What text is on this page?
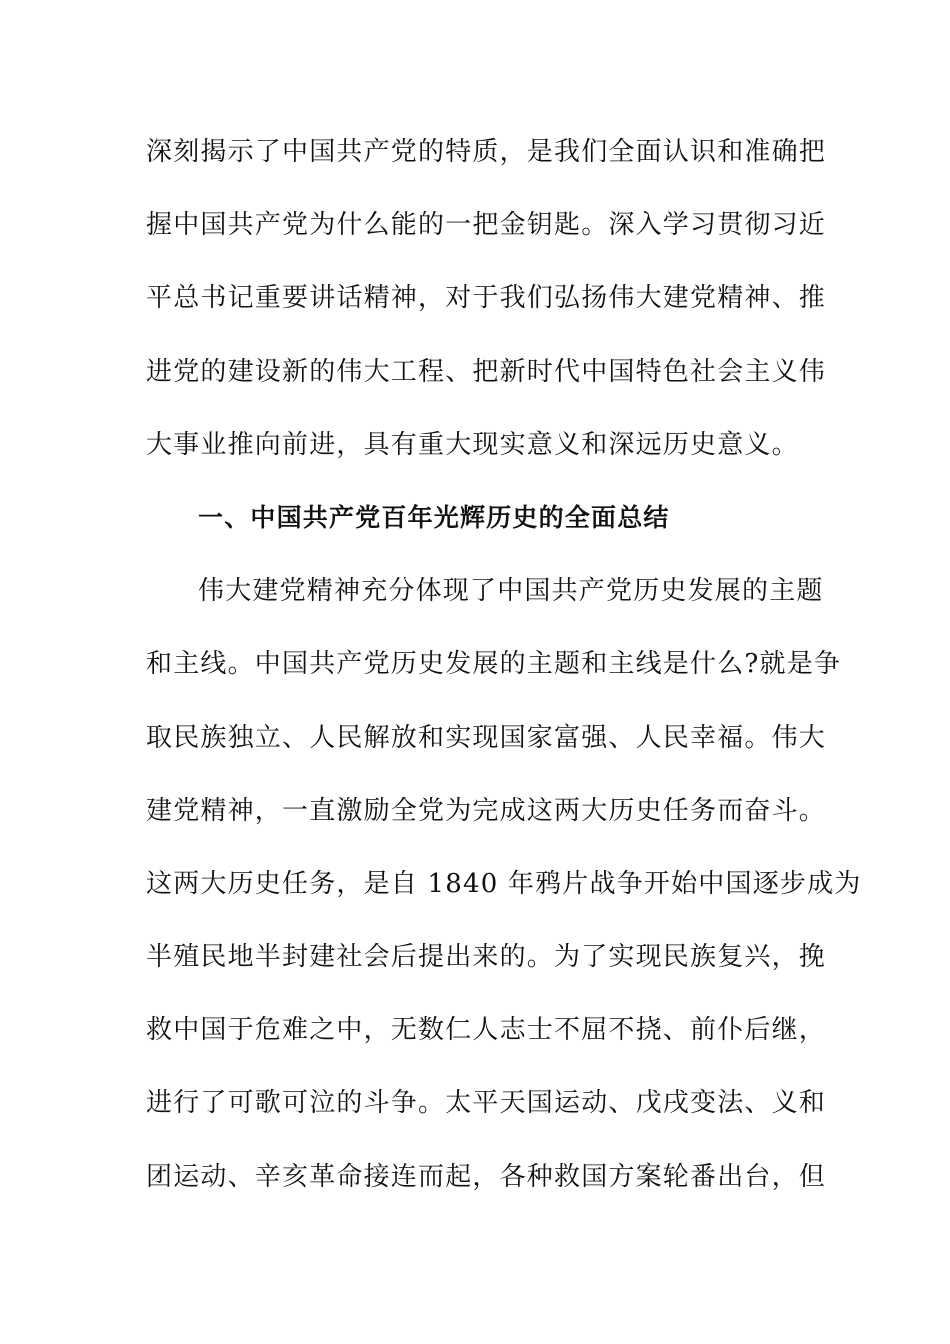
深刻揭示了中国共产党的特质，是我们全面认识和准确把
握中国共产党为什么能的一把金钥匙。深入学习贯彻习近
平总书记重要讲话精神，对于我们弘扬伟大建党精神、推
进党的建设新的伟大工程、把新时代中国特色社会主义伟
大事业推向前进，具有重大现实意义和深远历史意义。
一、中国共产党百年光辉历史的全面总结
伟大建党精神充分体现了中国共产党历史发展的主题
和主线。中国共产党历史发展的主题和主线是什么?就是争
取民族独立、人民解放和实现国家富强、人民幸福。伟大
建党精神，一直激励全党为完成这两大历史任务而奋斗。
这两大历史任务，是自 1840 年鸦片战争开始中国逐步成为
半殖民地半封建社会后提出来的。为了实现民族复兴，挽
救中国于危难之中，无数仁人志士不屈不挠、前仆后继，
进行了可歌可泣的斗争。太平天国运动、戊戌变法、义和
团运动、辛亥革命接连而起，各种救国方案轮番出台，但
